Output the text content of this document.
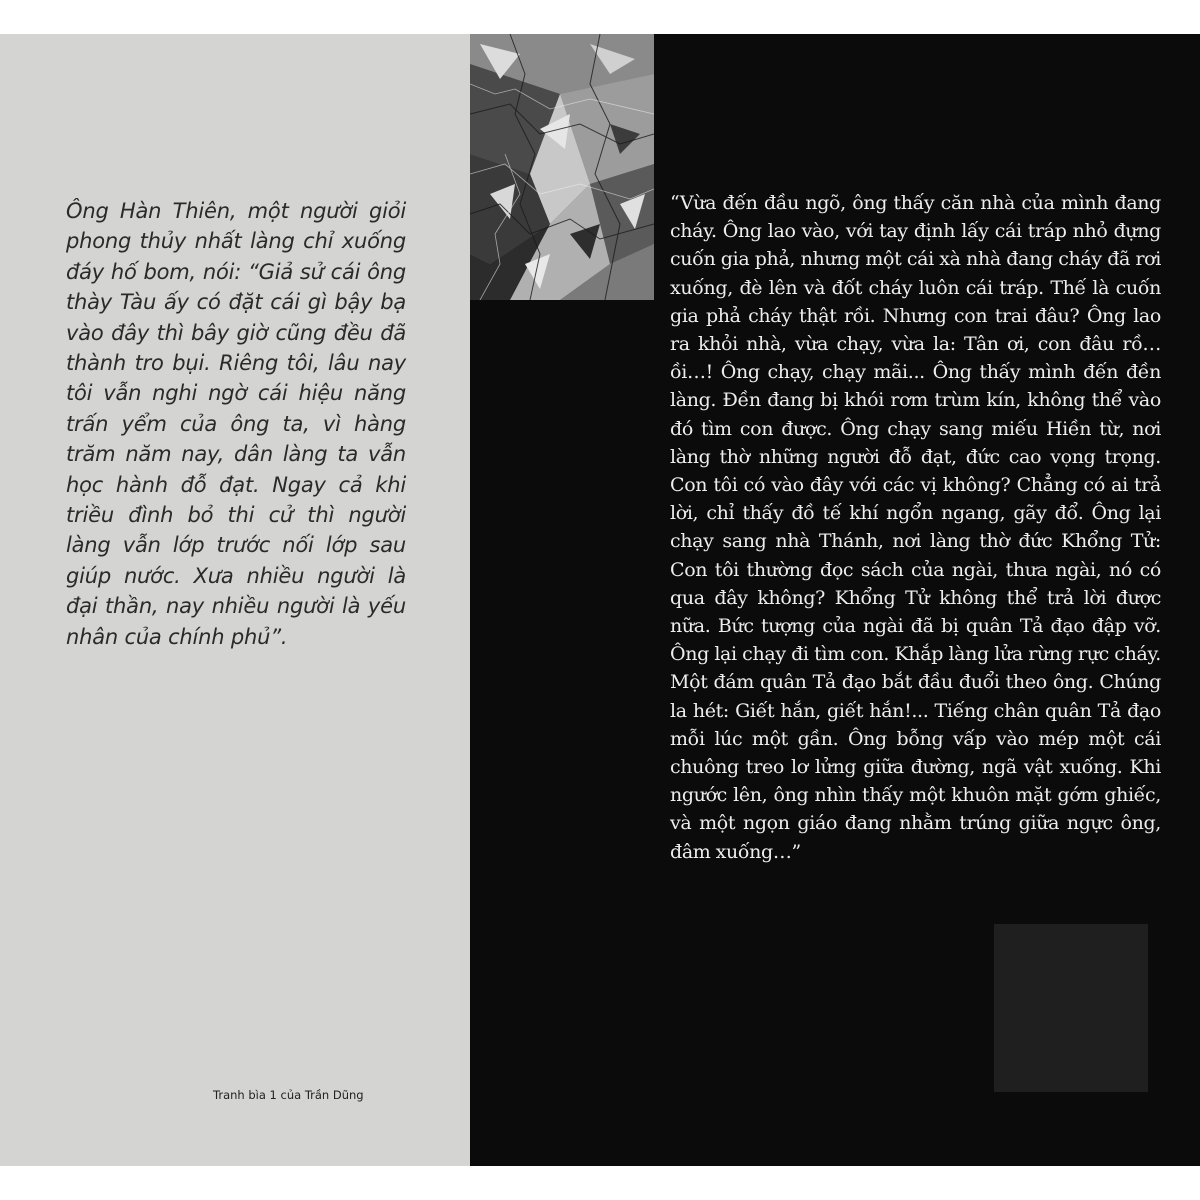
Ông Hàn Thiên, một người giỏi phong thủy nhất làng chỉ xuống đáy hố bom, nói: “Giả sử cái ông thày Tàu ấy có đặt cái gì bậy bạ vào đây thì bây giờ cũng đều đã thành tro bụi. Riêng tôi, lâu nay tôi vẫn nghi ngờ cái hiệu năng trấn yểm của ông ta, vì hàng trăm năm nay, dân làng ta vẫn học hành đỗ đạt. Ngay cả khi triều đình bỏ thi cử thì người làng vẫn lớp trước nối lớp sau giúp nước. Xưa nhiều người là đại thần, nay nhiều người là yếu nhân của chính phủ”.

Tranh bìa 1 của Trần Dũng

“Vừa đến đầu ngõ, ông thấy căn nhà của mình đang cháy. Ông lao vào, với tay định lấy cái tráp nhỏ đựng cuốn gia phả, nhưng một cái xà nhà đang cháy đã rơi xuống, đè lên và đốt cháy luôn cái tráp. Thế là cuốn gia phả cháy thật rồi. Nhưng con trai đâu? Ông lao ra khỏi nhà, vừa chạy, vừa la: Tân ơi, con đâu rồ…ồi…! Ông chạy, chạy mãi... Ông thấy mình đến đền làng. Đền đang bị khói rơm trùm kín, không thể vào đó tìm con được. Ông chạy sang miếu Hiền từ, nơi làng thờ những người đỗ đạt, đức cao vọng trọng. Con tôi có vào đây với các vị không? Chẳng có ai trả lời, chỉ thấy đồ tế khí ngổn ngang, gãy đổ. Ông lại chạy sang nhà Thánh, nơi làng thờ đức Khổng Tử: Con tôi thường đọc sách của ngài, thưa ngài, nó có qua đây không? Khổng Tử không thể trả lời được nữa. Bức tượng của ngài đã bị quân Tả đạo đập vỡ. Ông lại chạy đi tìm con. Khắp làng lửa rừng rực cháy. Một đám quân Tả đạo bắt đầu đuổi theo ông. Chúng la hét: Giết hắn, giết hắn!... Tiếng chân quân Tả đạo mỗi lúc một gần. Ông bỗng vấp vào mép một cái chuông treo lơ lửng giữa đường, ngã vật xuống. Khi ngước lên, ông nhìn thấy một khuôn mặt gớm ghiếc, và một ngọn giáo đang nhằm trúng giữa ngực ông, đâm xuống…”
